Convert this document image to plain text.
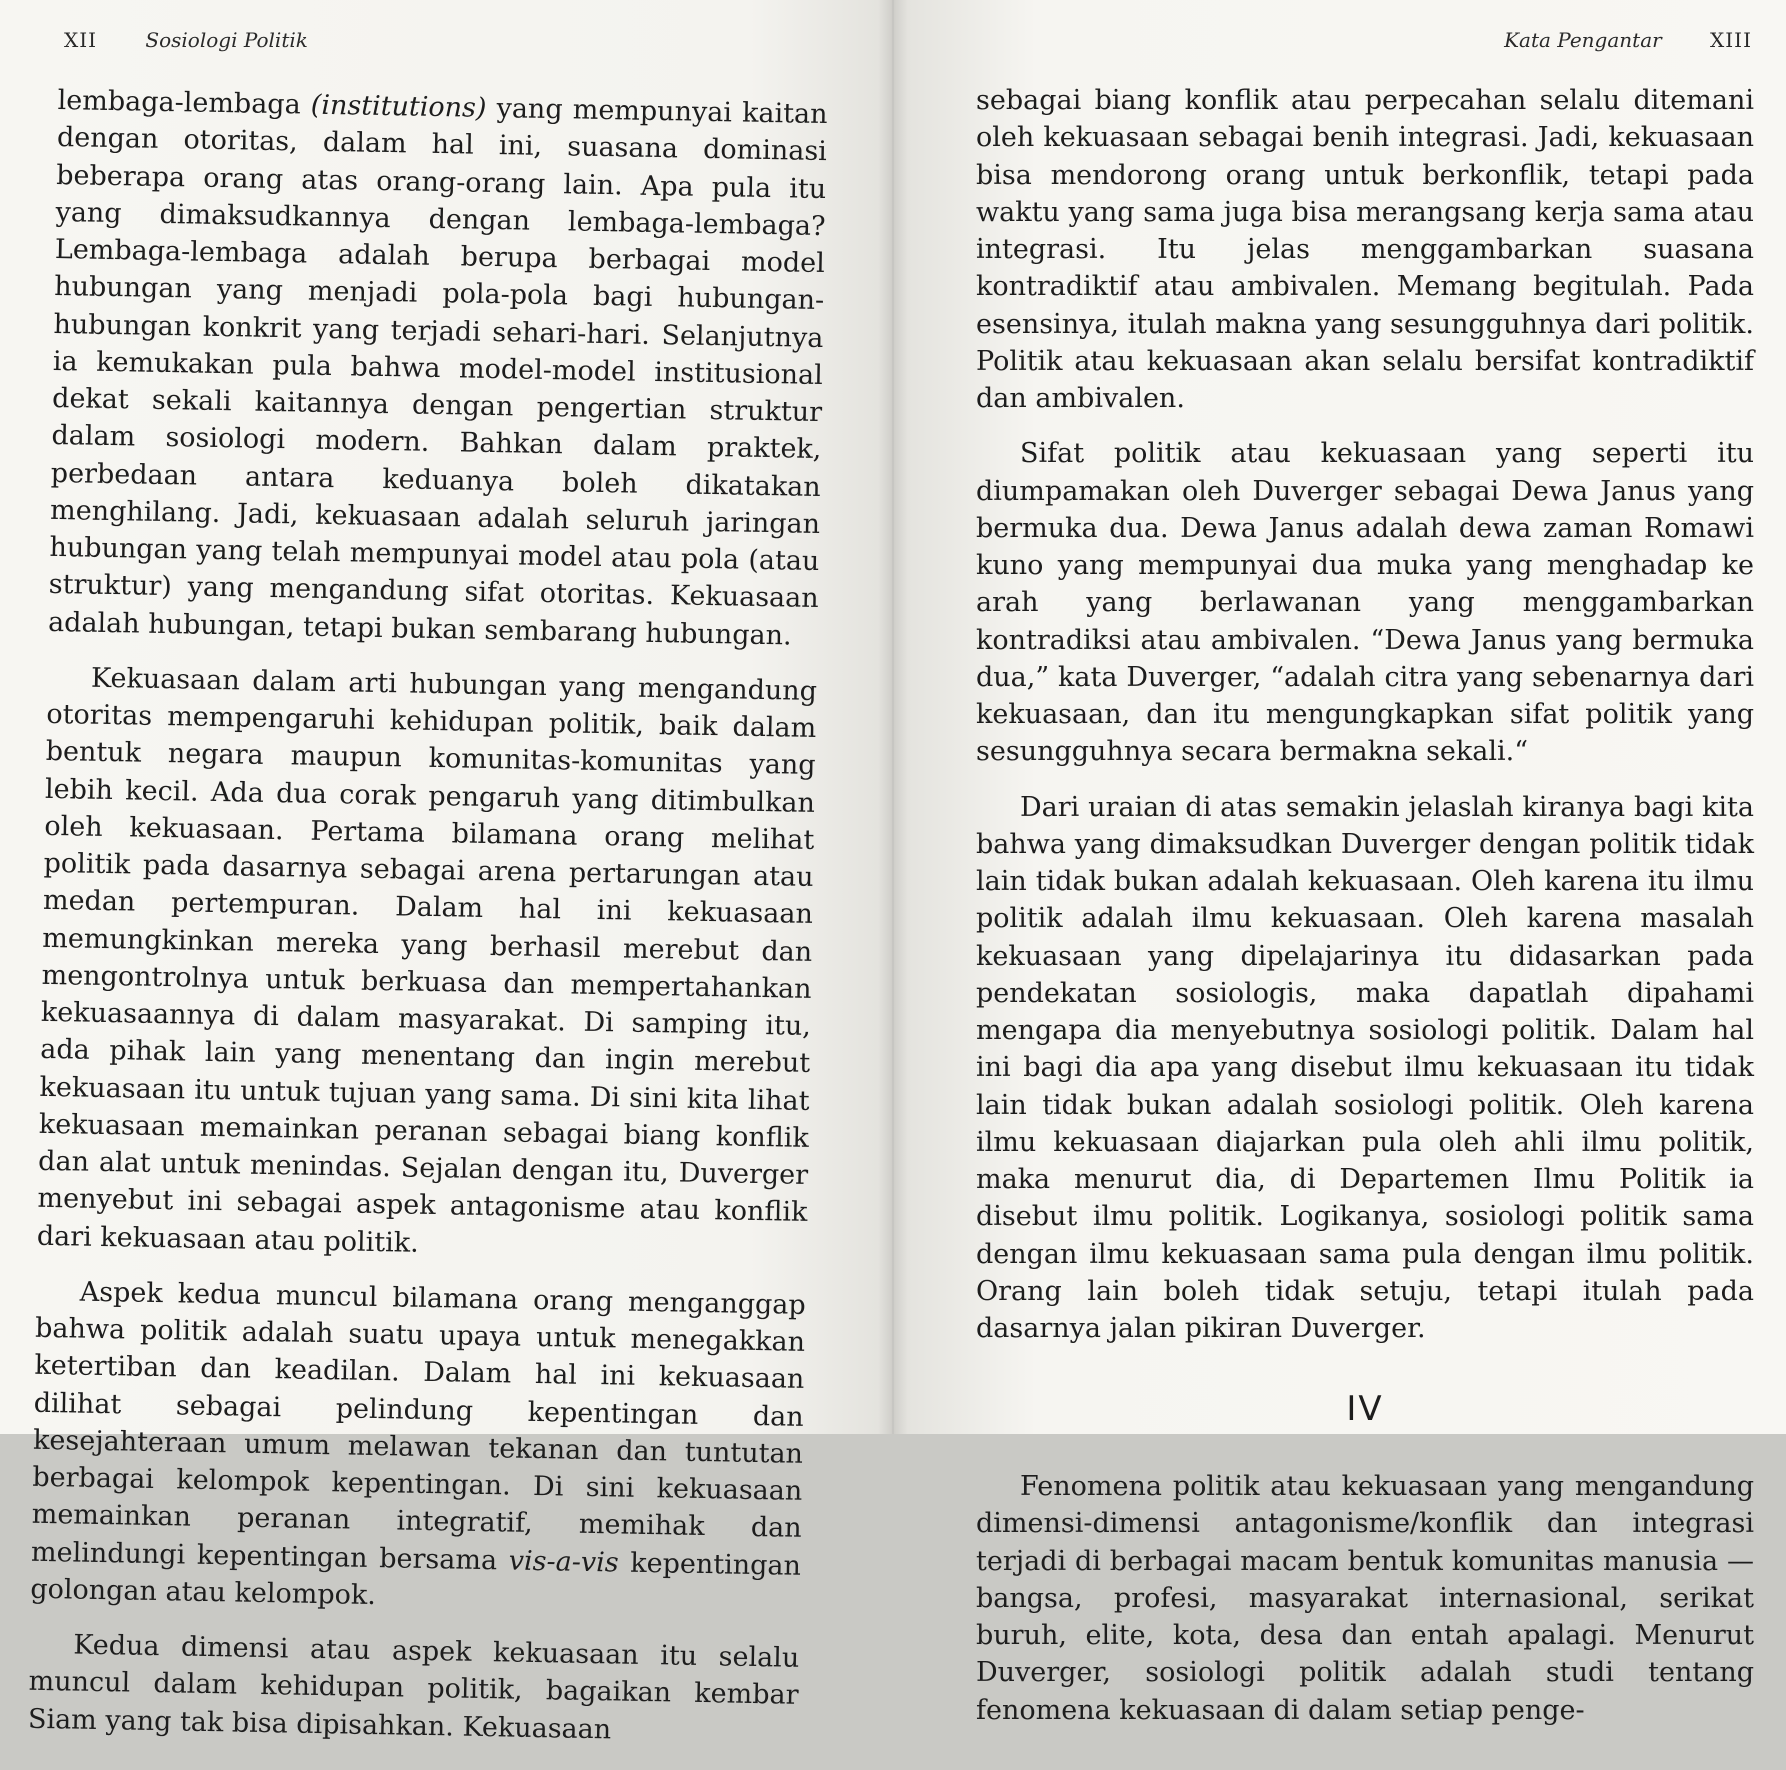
XII Sosiologi Politik

lembaga-lembaga (institutions) yang mempunyai kaitan dengan otoritas, dalam hal ini, suasana dominasi beberapa orang atas orang-orang lain. Apa pula itu yang dimaksudkannya dengan lembaga-lembaga? Lembaga-lembaga adalah berupa berbagai model hubungan yang menjadi pola-pola bagi hubungan-hubungan konkrit yang terjadi sehari-hari. Selanjutnya ia kemukakan pula bahwa model-model institusional dekat sekali kaitannya dengan pengertian struktur dalam sosiologi modern. Bahkan dalam praktek, perbedaan antara keduanya boleh dikatakan menghilang. Jadi, kekuasaan adalah seluruh jaringan hubungan yang telah mempunyai model atau pola (atau struktur) yang mengandung sifat otoritas. Kekuasaan adalah hubungan, tetapi bukan sembarang hubungan.

Kekuasaan dalam arti hubungan yang mengandung otoritas mempengaruhi kehidupan politik, baik dalam bentuk negara maupun komunitas-komunitas yang lebih kecil. Ada dua corak pengaruh yang ditimbulkan oleh kekuasaan. Pertama bilamana orang melihat politik pada dasarnya sebagai arena pertarungan atau medan pertempuran. Dalam hal ini kekuasaan memungkinkan mereka yang berhasil merebut dan mengontrolnya untuk berkuasa dan mempertahankan kekuasaannya di dalam masyarakat. Di samping itu, ada pihak lain yang menentang dan ingin merebut kekuasaan itu untuk tujuan yang sama. Di sini kita lihat kekuasaan memainkan peranan sebagai biang konflik dan alat untuk menindas. Sejalan dengan itu, Duverger menyebut ini sebagai aspek antagonisme atau konflik dari kekuasaan atau politik.

Aspek kedua muncul bilamana orang menganggap bahwa politik adalah suatu upaya untuk menegakkan ketertiban dan keadilan. Dalam hal ini kekuasaan dilihat sebagai pelindung kepentingan dan kesejahteraan umum melawan tekanan dan tuntutan berbagai kelompok kepentingan. Di sini kekuasaan memainkan peranan integratif, memihak dan melindungi kepentingan bersama vis-a-vis kepentingan golongan atau kelompok.

Kedua dimensi atau aspek kekuasaan itu selalu muncul dalam kehidupan politik, bagaikan kembar Siam yang tak bisa dipisahkan. Kekuasaan

Kata Pengantar XIII

sebagai biang konflik atau perpecahan selalu ditemani oleh kekuasaan sebagai benih integrasi. Jadi, kekuasaan bisa mendorong orang untuk berkonflik, tetapi pada waktu yang sama juga bisa merangsang kerja sama atau integrasi. Itu jelas menggambarkan suasana kontradiktif atau ambivalen. Memang begitulah. Pada esensinya, itulah makna yang sesungguhnya dari politik. Politik atau kekuasaan akan selalu bersifat kontradiktif dan ambivalen.

Sifat politik atau kekuasaan yang seperti itu diumpamakan oleh Duverger sebagai Dewa Janus yang bermuka dua. Dewa Janus adalah dewa zaman Romawi kuno yang mempunyai dua muka yang menghadap ke arah yang berlawanan yang menggambarkan kontradiksi atau ambivalen. “Dewa Janus yang bermuka dua,” kata Duverger, “adalah citra yang sebenarnya dari kekuasaan, dan itu mengungkapkan sifat politik yang sesungguhnya secara bermakna sekali.“

Dari uraian di atas semakin jelaslah kiranya bagi kita bahwa yang dimaksudkan Duverger dengan politik tidak lain tidak bukan adalah kekuasaan. Oleh karena itu ilmu politik adalah ilmu kekuasaan. Oleh karena masalah kekuasaan yang dipelajarinya itu didasarkan pada pendekatan sosiologis, maka dapatlah dipahami mengapa dia menyebutnya sosiologi politik. Dalam hal ini bagi dia apa yang disebut ilmu kekuasaan itu tidak lain tidak bukan adalah sosiologi politik. Oleh karena ilmu kekuasaan diajarkan pula oleh ahli ilmu politik, maka menurut dia, di Departemen Ilmu Politik ia disebut ilmu politik. Logikanya, sosiologi politik sama dengan ilmu kekuasaan sama pula dengan ilmu politik. Orang lain boleh tidak setuju, tetapi itulah pada dasarnya jalan pikiran Duverger.

IV

Fenomena politik atau kekuasaan yang mengandung dimensi-dimensi antagonisme/konflik dan integrasi terjadi di berbagai macam bentuk komunitas manusia — bangsa, profesi, masyarakat internasional, serikat buruh, elite, kota, desa dan entah apalagi. Menurut Duverger, sosiologi politik adalah studi tentang fenomena kekuasaan di dalam setiap penge-
